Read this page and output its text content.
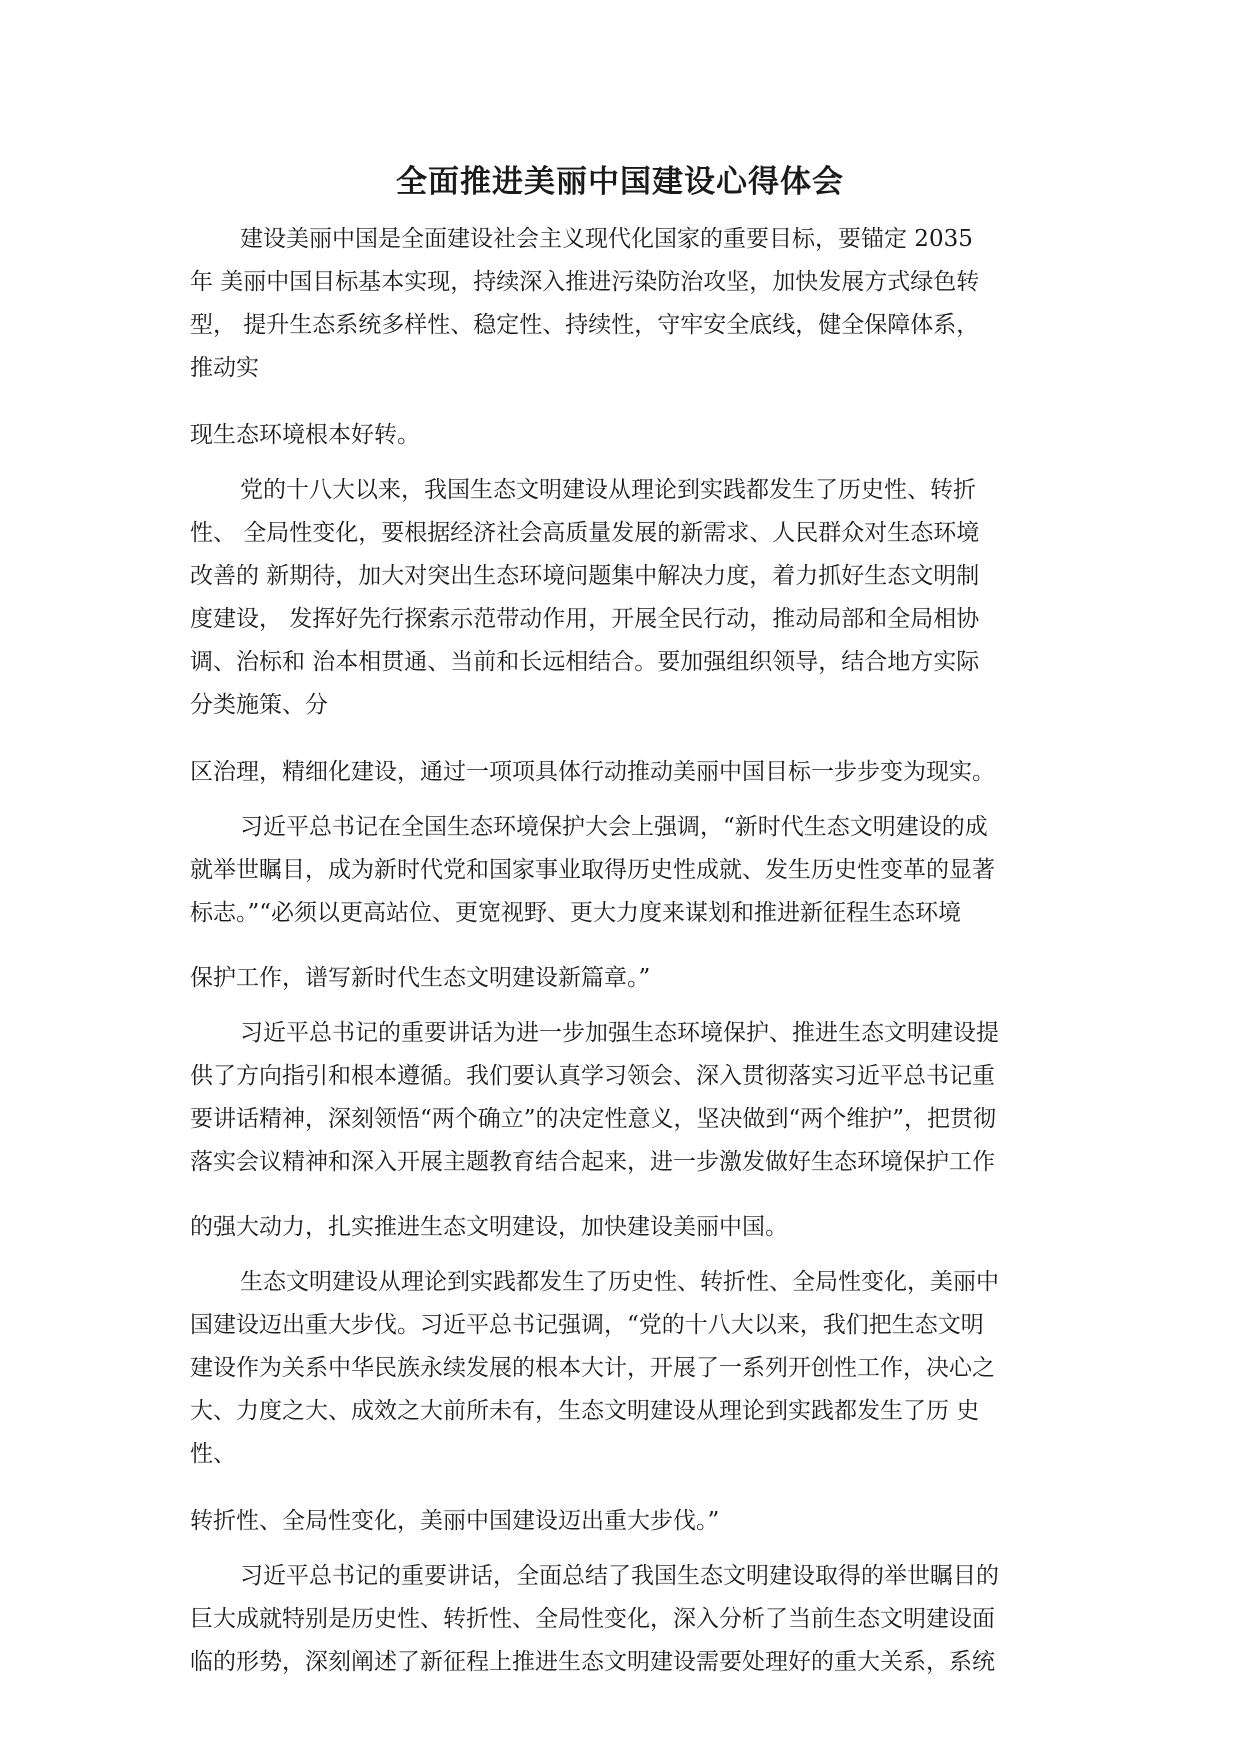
全面推进美丽中国建设心得体会
建设美丽中国是全面建设社会主义现代化国家的重要目标，要锚定 2035
年 美丽中国目标基本实现，持续深入推进污染防治攻坚，加快发展方式绿色转
型， 提升生态系统多样性、稳定性、持续性，守牢安全底线，健全保障体系，
推动实
现生态环境根本好转。
党的十八大以来，我国生态文明建设从理论到实践都发生了历史性、转折
性、 全局性变化，要根据经济社会高质量发展的新需求、人民群众对生态环境
改善的 新期待，加大对突出生态环境问题集中解决力度，着力抓好生态文明制
度建设， 发挥好先行探索示范带动作用，开展全民行动，推动局部和全局相协
调、治标和 治本相贯通、当前和长远相结合。要加强组织领导，结合地方实际
分类施策、分
区治理，精细化建设，通过一项项具体行动推动美丽中国目标一步步变为现实。
习近平总书记在全国生态环境保护大会上强调，“新时代生态文明建设的成
就举世瞩目，成为新时代党和国家事业取得历史性成就、发生历史性变革的显著
标志。”“必须以更高站位、更宽视野、更大力度来谋划和推进新征程生态环境
保护工作，谱写新时代生态文明建设新篇章。”
习近平总书记的重要讲话为进一步加强生态环境保护、推进生态文明建设提
供了方向指引和根本遵循。我们要认真学习领会、深入贯彻落实习近平总书记重
要讲话精神，深刻领悟“两个确立”的决定性意义，坚决做到“两个维护”，把贯彻
落实会议精神和深入开展主题教育结合起来，进一步激发做好生态环境保护工作
的强大动力，扎实推进生态文明建设，加快建设美丽中国。
生态文明建设从理论到实践都发生了历史性、转折性、全局性变化，美丽中
国建设迈出重大步伐。习近平总书记强调，“党的十八大以来，我们把生态文明
建设作为关系中华民族永续发展的根本大计，开展了一系列开创性工作，决心之
大、力度之大、成效之大前所未有，生态文明建设从理论到实践都发生了历 史
性、
转折性、全局性变化，美丽中国建设迈出重大步伐。”
习近平总书记的重要讲话，全面总结了我国生态文明建设取得的举世瞩目的
巨大成就特别是历史性、转折性、全局性变化，深入分析了当前生态文明建设面
临的形势，深刻阐述了新征程上推进生态文明建设需要处理好的重大关系，系统
